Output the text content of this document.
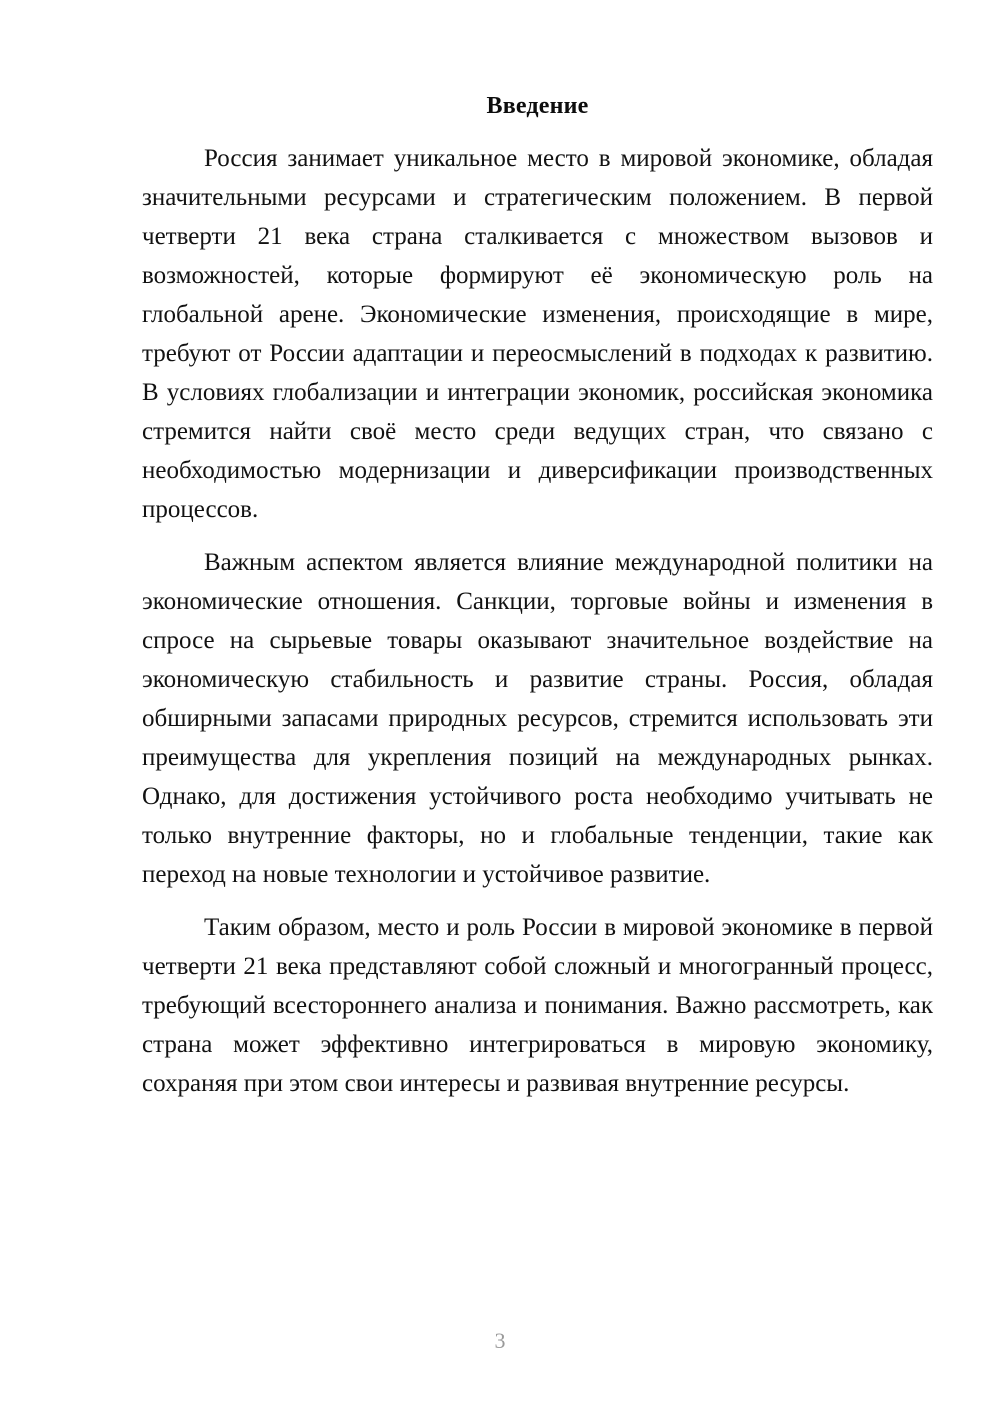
Введение

Россия занимает уникальное место в мировой экономике, обладая значительными ресурсами и стратегическим положением. В первой четверти 21 века страна сталкивается с множеством вызовов и возможностей, которые формируют её экономическую роль на глобальной арене. Экономические изменения, происходящие в мире, требуют от России адаптации и переосмыслений в подходах к развитию. В условиях глобализации и интеграции экономик, российская экономика стремится найти своё место среди ведущих стран, что связано с необходимостью модернизации и диверсификации производственных процессов.

Важным аспектом является влияние международной политики на экономические отношения. Санкции, торговые войны и изменения в спросе на сырьевые товары оказывают значительное воздействие на экономическую стабильность и развитие страны. Россия, обладая обширными запасами природных ресурсов, стремится использовать эти преимущества для укрепления позиций на международных рынках. Однако, для достижения устойчивого роста необходимо учитывать не только внутренние факторы, но и глобальные тенденции, такие как переход на новые технологии и устойчивое развитие.

Таким образом, место и роль России в мировой экономике в первой четверти 21 века представляют собой сложный и многогранный процесс, требующий всестороннего анализа и понимания. Важно рассмотреть, как страна может эффективно интегрироваться в мировую экономику, сохраняя при этом свои интересы и развивая внутренние ресурсы.

3
